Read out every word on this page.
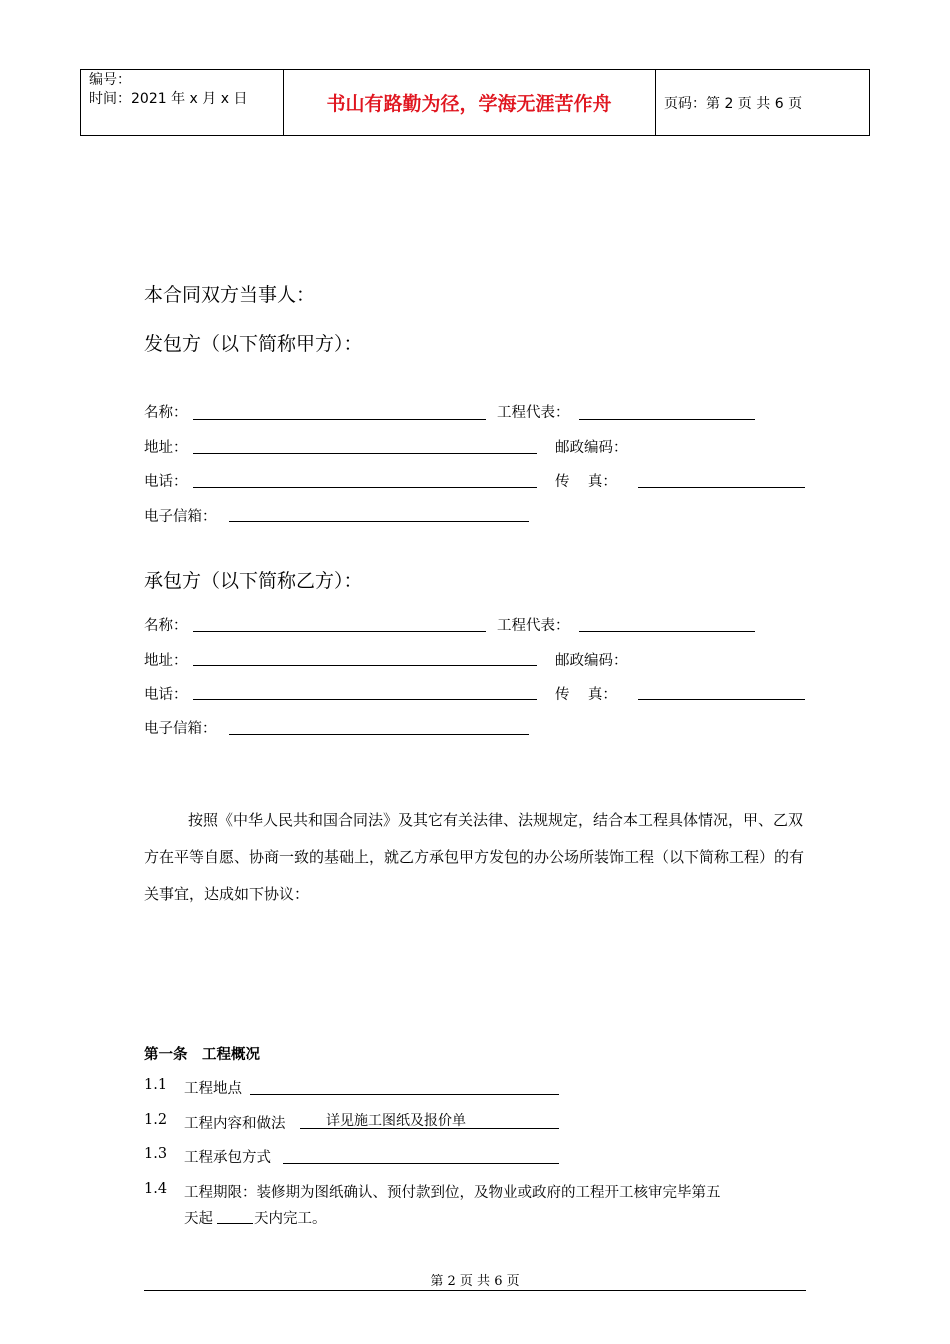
编号：
时间：2021 年 x 月 x 日	书山有路勤为径，学海无涯苦作舟	页码：第 2 页 共 6 页
本合同双方当事人：
发包方（以下简称甲方）：
名称：	工程代表：
地址：	邮政编码：
电话：	传    真：
电子信箱：
承包方（以下简称乙方）：
名称：	工程代表：
地址：	邮政编码：
电话：	传    真：
电子信箱：
按照《中华人民共和国合同法》及其它有关法律、法规规定，结合本工程具体情况，甲、乙双方在平等自愿、协商一致的基础上，就乙方承包甲方发包的办公场所装饰工程（以下简称工程）的有关事宜，达成如下协议：
第一条　工程概况
1.1 工程地点
1.2 工程内容和做法	详见施工图纸及报价单
1.3 工程承包方式
1.4 工程期限：装修期为图纸确认、预付款到位，及物业或政府的工程开工核审完毕第五
天起	天内完工。
第 2 页 共 6 页
